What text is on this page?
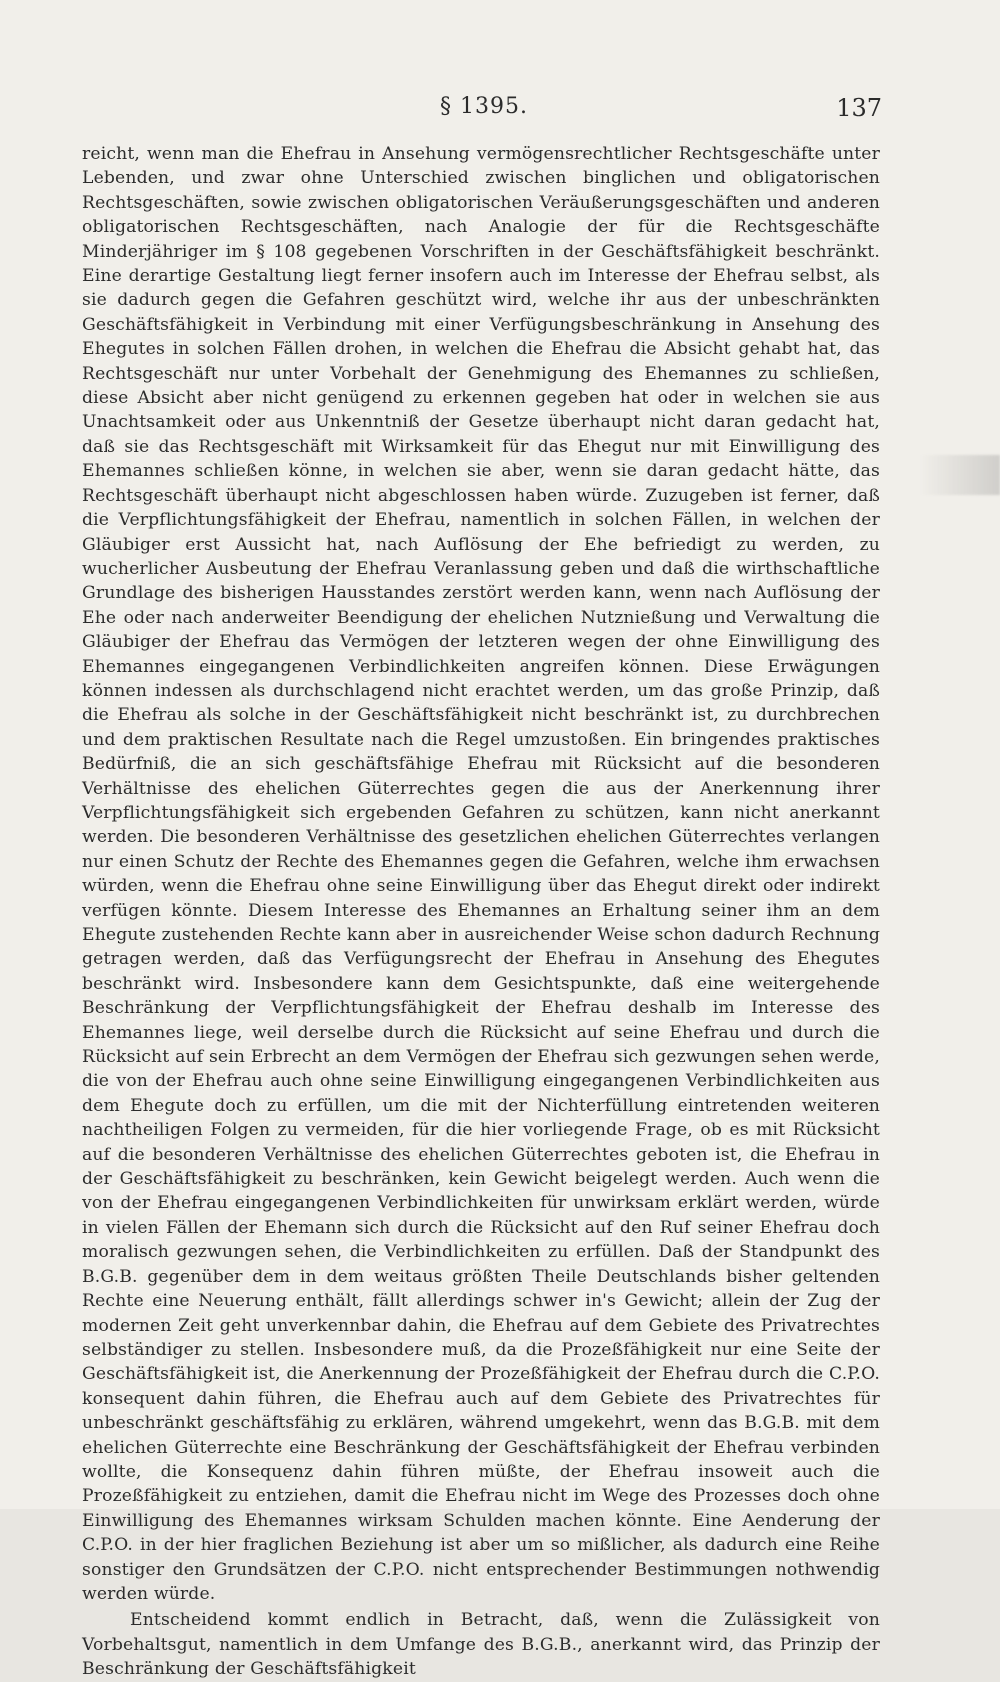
§ 1395.	137

reicht, wenn man die Ehefrau in Ansehung vermögensrechtlicher Rechtsgeschäfte unter Lebenden, und zwar ohne Unterschied zwischen binglichen und obligatorischen Rechtsgeschäften, sowie zwischen obligatorischen Veräußerungsgeschäften und anderen obligatorischen Rechtsgeschäften, nach Analogie der für die Rechtsgeschäfte Minderjähriger im § 108 gegebenen Vorschriften in der Geschäftsfähigkeit beschränkt. Eine derartige Gestaltung liegt ferner insofern auch im Interesse der Ehefrau selbst, als sie dadurch gegen die Gefahren geschützt wird, welche ihr aus der unbeschränkten Geschäftsfähigkeit in Verbindung mit einer Verfügungsbeschränkung in Ansehung des Ehegutes in solchen Fällen drohen, in welchen die Ehefrau die Absicht gehabt hat, das Rechtsgeschäft nur unter Vorbehalt der Genehmigung des Ehemannes zu schließen, diese Absicht aber nicht genügend zu erkennen gegeben hat oder in welchen sie aus Unachtsamkeit oder aus Unkenntniß der Gesetze überhaupt nicht daran gedacht hat, daß sie das Rechtsgeschäft mit Wirksamkeit für das Ehegut nur mit Einwilligung des Ehemannes schließen könne, in welchen sie aber, wenn sie daran gedacht hätte, das Rechtsgeschäft überhaupt nicht abgeschlossen haben würde. Zuzugeben ist ferner, daß die Verpflichtungsfähigkeit der Ehefrau, namentlich in solchen Fällen, in welchen der Gläubiger erst Aussicht hat, nach Auflösung der Ehe befriedigt zu werden, zu wucherlicher Ausbeutung der Ehefrau Veranlassung geben und daß die wirthschaftliche Grundlage des bisherigen Hausstandes zerstört werden kann, wenn nach Auflösung der Ehe oder nach anderweiter Beendigung der ehelichen Nutznießung und Verwaltung die Gläubiger der Ehefrau das Vermögen der letzteren wegen der ohne Einwilligung des Ehemannes eingegangenen Verbindlichkeiten angreifen können. Diese Erwägungen können indessen als durchschlagend nicht erachtet werden, um das große Prinzip, daß die Ehefrau als solche in der Geschäftsfähigkeit nicht beschränkt ist, zu durchbrechen und dem praktischen Resultate nach die Regel umzustoßen. Ein bringendes praktisches Bedürfniß, die an sich geschäftsfähige Ehefrau mit Rücksicht auf die besonderen Verhältnisse des ehelichen Güterrechtes gegen die aus der Anerkennung ihrer Verpflichtungsfähigkeit sich ergebenden Gefahren zu schützen, kann nicht anerkannt werden. Die besonderen Verhältnisse des gesetzlichen ehelichen Güterrechtes verlangen nur einen Schutz der Rechte des Ehemannes gegen die Gefahren, welche ihm erwachsen würden, wenn die Ehefrau ohne seine Einwilligung über das Ehegut direkt oder indirekt verfügen könnte. Diesem Interesse des Ehemannes an Erhaltung seiner ihm an dem Ehegute zustehenden Rechte kann aber in ausreichender Weise schon dadurch Rechnung getragen werden, daß das Verfügungsrecht der Ehefrau in Ansehung des Ehegutes beschränkt wird. Insbesondere kann dem Gesichtspunkte, daß eine weitergehende Beschränkung der Verpflichtungsfähigkeit der Ehefrau deshalb im Interesse des Ehemannes liege, weil derselbe durch die Rücksicht auf seine Ehefrau und durch die Rücksicht auf sein Erbrecht an dem Vermögen der Ehefrau sich gezwungen sehen werde, die von der Ehefrau auch ohne seine Einwilligung eingegangenen Verbindlichkeiten aus dem Ehegute doch zu erfüllen, um die mit der Nichterfüllung eintretenden weiteren nachtheiligen Folgen zu vermeiden, für die hier vorliegende Frage, ob es mit Rücksicht auf die besonderen Verhältnisse des ehelichen Güterrechtes geboten ist, die Ehefrau in der Geschäftsfähigkeit zu beschränken, kein Gewicht beigelegt werden. Auch wenn die von der Ehefrau eingegangenen Verbindlichkeiten für unwirksam erklärt werden, würde in vielen Fällen der Ehemann sich durch die Rücksicht auf den Ruf seiner Ehefrau doch moralisch gezwungen sehen, die Verbindlichkeiten zu erfüllen. Daß der Standpunkt des B.G.B. gegenüber dem in dem weitaus größten Theile Deutschlands bisher geltenden Rechte eine Neuerung enthält, fällt allerdings schwer in's Gewicht; allein der Zug der modernen Zeit geht unverkennbar dahin, die Ehefrau auf dem Gebiete des Privatrechtes selbständiger zu stellen. Insbesondere muß, da die Prozeßfähigkeit nur eine Seite der Geschäftsfähigkeit ist, die Anerkennung der Prozeßfähigkeit der Ehefrau durch die C.P.O. konsequent dahin führen, die Ehefrau auch auf dem Gebiete des Privatrechtes für unbeschränkt geschäftsfähig zu erklären, während umgekehrt, wenn das B.G.B. mit dem ehelichen Güterrechte eine Beschränkung der Geschäftsfähigkeit der Ehefrau verbinden wollte, die Konsequenz dahin führen müßte, der Ehefrau insoweit auch die Prozeßfähigkeit zu entziehen, damit die Ehefrau nicht im Wege des Prozesses doch ohne Einwilligung des Ehemannes wirksam Schulden machen könnte. Eine Aenderung der C.P.O. in der hier fraglichen Beziehung ist aber um so mißlicher, als dadurch eine Reihe sonstiger den Grundsätzen der C.P.O. nicht entsprechender Bestimmungen nothwendig werden würde.

Entscheidend kommt endlich in Betracht, daß, wenn die Zulässigkeit von Vorbehaltsgut, namentlich in dem Umfange des B.G.B., anerkannt wird, das Prinzip der Beschränkung der Geschäftsfähigkeit
